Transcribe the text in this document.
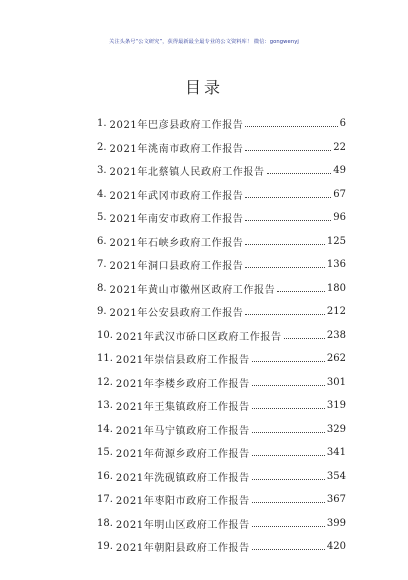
关注头条号“公文研究”，获得最新最全最专业的公文资料库！ 微信：gongwenyj
目录
1. 2021年巴彦县政府工作报告	6
2. 2021年洮南市政府工作报告	22
3. 2021年北蔡镇人民政府工作报告	49
4. 2021年武冈市政府工作报告	67
5. 2021年南安市政府工作报告	96
6. 2021年石峡乡政府工作报告	125
7. 2021年洞口县政府工作报告	136
8. 2021年黄山市徽州区政府工作报告	180
9. 2021年公安县政府工作报告	212
10. 2021年武汉市硚口区政府工作报告	238
11. 2021年崇信县政府工作报告	262
12. 2021年李楼乡政府工作报告	301
13. 2021年王集镇政府工作报告	319
14. 2021年马宁镇政府工作报告	329
15. 2021年荷源乡政府工作报告	341
16. 2021年洗砚镇政府工作报告	354
17. 2021年枣阳市政府工作报告	367
18. 2021年明山区政府工作报告	399
19. 2021年朝阳县政府工作报告	420
